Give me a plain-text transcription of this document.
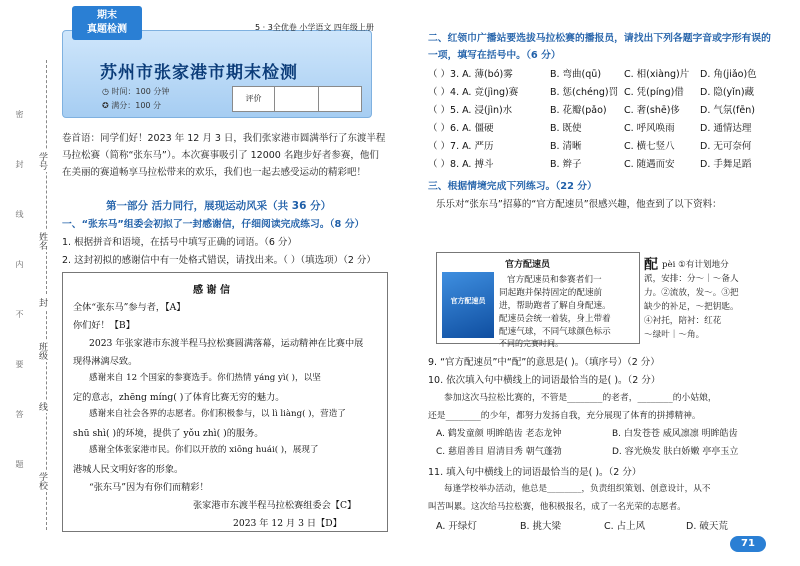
学号
姓名
封
班级
线
学校
密
封
线
内
不
要
答
题
期末
真题检测	5 · 3全优卷 小学语文 四年级上册
苏州市张家港市期末检测
◷ 时间：100 分钟
✪ 满分：100 分
评价
卷首语：同学们好！2023 年 12 月 3 日，我们张家港市圆满举行了东渡半程马拉松赛（简称“张东马”）。本次赛事吸引了 12000 名跑步好者参赛，他们在美丽的赛道畅享马拉松带来的欢乐，我们也一起去感受运动的精彩吧！
第一部分 活力同行，展现运动风采（共 36 分）
一、“张东马”组委会初拟了一封感谢信，仔细阅读完成练习。（8 分）
1. 根据拼音和语境，在括号中填写正确的词语。（6 分）
2. 这封初拟的感谢信中有一处格式错误，请找出来。（ ）（填选项）（2 分）
感 谢 信
全体“张东马”参与者，【A】
你们好！【B】
2023 年张家港市东渡半程马拉松赛圆满落幕，运动精神在比赛中展
现得淋漓尽致。
感谢来自 12 个国家的参赛选手。你们热情 yáng yì( )，以坚
定的意志，zhēng míng( )了体育比赛无穷的魅力。
感谢来自社会各界的志愿者。你们积极参与，以 lì liàng( )，营造了
shū shì( )的环境，提供了 yǒu zhì( )的服务。
感谢全体张家港市民。你们以开放的 xiōng huái( )，展现了
港城人民文明好客的形象。
“张东马”因为有你们而精彩！
张家港市东渡半程马拉松赛组委会【C】
2023 年 12 月 3 日【D】
二、红领巾广播站要选拔马拉松赛的播报员，请找出下列各题字音或字形有误的一项，填写在括号中。（6 分）
（ ）3. A. 薄(bó)雾	B. 弯曲(qū) C. 相(xiàng)片 D. 角(jiǎo)色
（ ）4. A. 竞(jìng)赛	B. 惩(chéng)罚 C. 凭(píng)借 D. 隐(yǐn)藏
（ ）5. A. 浸(jìn)水	B. 花瓣(pǎo) C. 奢(shē)侈 D. 气氛(fēn)
（ ）6. A. 僵硬	B. 既使	C. 呼风唤雨	D. 通情达理
（ ）7. A. 严历	B. 清晰	C. 横七竖八	D. 无可奈何
（ ）8. A. 搏斗	B. 辫子	C. 随遇而安	D. 手舞足蹈
三、根据情境完成下列练习。（22 分）
乐乐对“张东马”招募的“官方配速员”很感兴趣，他查到了以下资料：
官方配速员
官方配速员和参赛者们一
同起跑并保持固定的配速前
进，帮助跑者了解自身配速。
配速员会统一着装，身上带着
配速气球，不同气球颜色标示
不同的完赛时间。
官方配速员
配 pèi ①有计划地分
派，安排：分～｜～备人
力。②流放，发～。③把
缺少的补足，～把钥匙。
④衬托，陪衬：红花
～绿叶｜～角。
9. “官方配速员”中“配”的意思是( )。（填序号）（2 分）
10. 依次填入句中横线上的词语最恰当的是( )。（2 分）
参加这次马拉松比赛的，不管是________的老者，________的小姑娘，
还是________的少年，都努力发扬自我，充分展现了体育的拼搏精神。
A. 鹤发童颜 明眸皓齿 老态龙钟	B. 白发苍苍 威风凛凛 明眸皓齿
C. 慈眉善目 眉清目秀 朝气蓬勃	D. 容光焕发 肤白娇嫩 亭亭玉立
11. 填入句中横线上的词语最恰当的是( )。（2 分）
每逢学校举办活动，他总是________，负责组织策划、创意设计，从不
叫苦叫累。这次给马拉松赛，他积极报名，成了一名光荣的志愿者。
A. 开绿灯	B. 挑大梁	C. 占上风	D. 破天荒
71
